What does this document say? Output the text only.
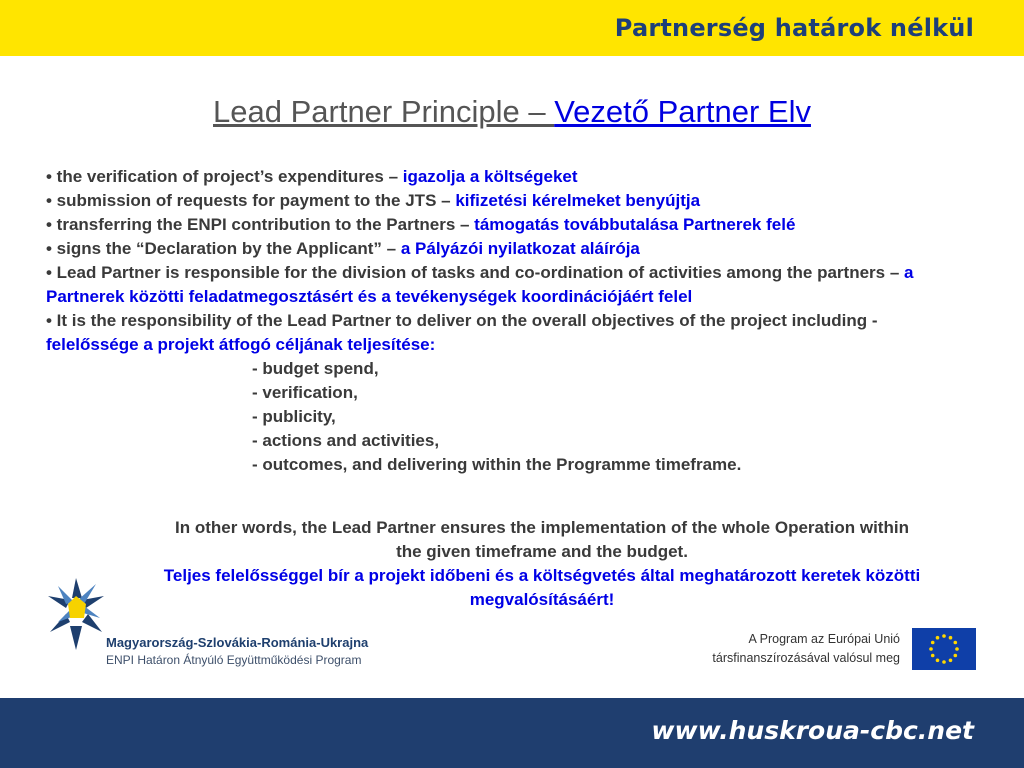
Partnerség határok nélkül
Lead Partner Principle – Vezető Partner Elv
• the verification of project’s expenditures – igazolja a költségeket
• submission of requests for payment to the JTS – kifizetési kérelmeket benyújtja
• transferring the ENPI contribution to the Partners – támogatás továbbutalása Partnerek felé
• signs the “Declaration by the Applicant” – a Pályázói nyilatkozat aláírója
• Lead Partner is responsible for the division of tasks and co-ordination of activities among the partners – a Partnerek közötti feladatmegosztásért és a tevékenységek koordinációjáért felel
• It is the responsibility of the Lead Partner to deliver on the overall objectives of the project including - felelőssége a projekt átfogó céljának teljesítése:
- budget spend,
- verification,
- publicity,
- actions and activities,
- outcomes, and delivering within the Programme timeframe.
In other words, the Lead Partner ensures the implementation of the whole Operation within the given timeframe and the budget.
Teljes felelősséggel bír a projekt időbeni és a költségvetés által meghatározott keretek közötti megvalósításáért!
Magyarország-Szlovákia-Románia-Ukrajna
ENPI Határon Átnyúló Együttműködési Program
A Program az Európai Unió
társfinanszírozásával valósul meg
www.huskroua-cbc.net
